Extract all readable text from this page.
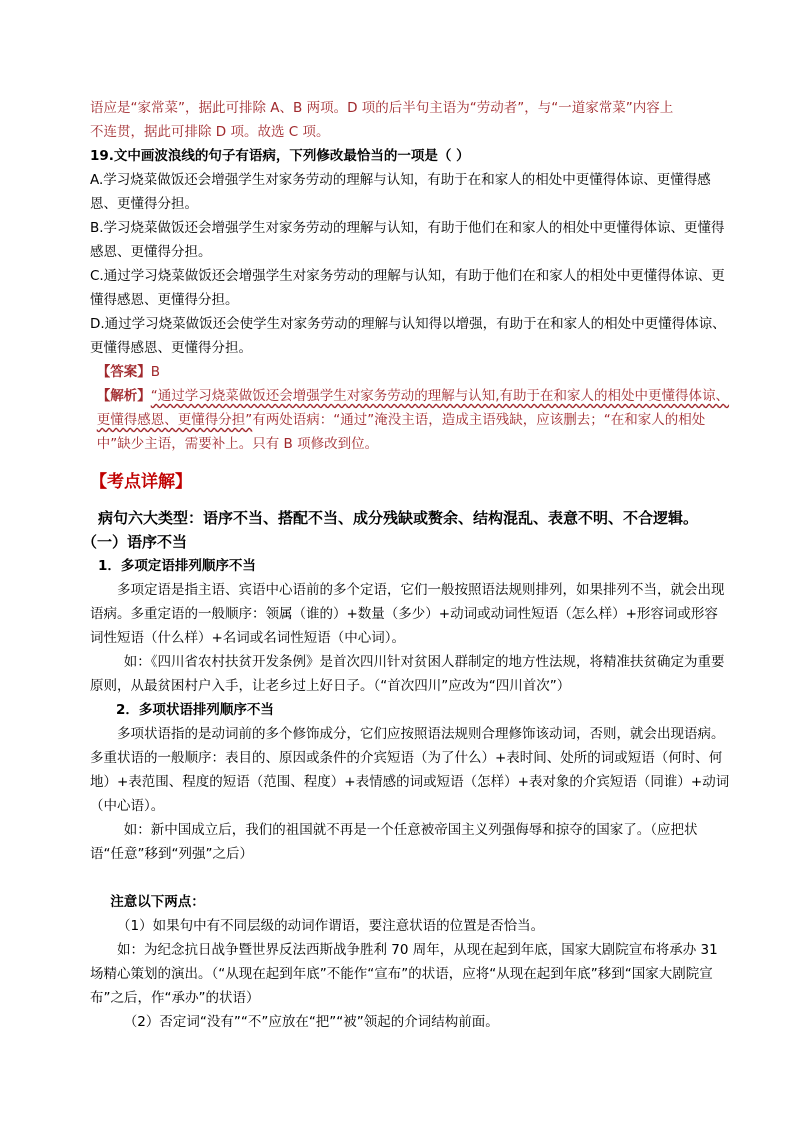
语应是“家常菜”，据此可排除 A、B 两项。D 项的后半句主语为“劳动者”，与“一道家常菜”内容上

不连贯，据此可排除 D 项。故选 C 项。

19.文中画波浪线的句子有语病，下列修改最恰当的一项是（ ）

A.学习烧菜做饭还会增强学生对家务劳动的理解与认知，有助于在和家人的相处中更懂得体谅、更懂得感恩、更懂得分担。

B.学习烧菜做饭还会增强学生对家务劳动的理解与认知，有助于他们在和家人的相处中更懂得体谅、更懂得感恩、更懂得分担。

C.通过学习烧菜做饭还会增强学生对家务劳动的理解与认知，有助于他们在和家人的相处中更懂得体谅、更懂得感恩、更懂得分担。

D.通过学习烧菜做饭还会使学生对家务劳动的理解与认知得以增强，有助于在和家人的相处中更懂得体谅、更懂得感恩、更懂得分担。

【答案】B

【解析】“通过学习烧菜做饭还会增强学生对家务劳动的理解与认知,有助于在和家人的相处中更懂得体谅、更懂得感恩、更懂得分担”有两处语病：“通过”淹没主语，造成主语残缺，应该删去；“在和家人的相处中”缺少主语，需要补上。只有 B 项修改到位。

【考点详解】
病句六大类型：语序不当、搭配不当、成分残缺或赘余、结构混乱、表意不明、不合逻辑。
（一）语序不当

1．多项定语排列顺序不当

多项定语是指主语、宾语中心语前的多个定语，它们一般按照语法规则排列，如果排列不当，就会出现语病。多重定语的一般顺序：领属（谁的）+数量（多少）+动词或动词性短语（怎么样）+形容词或形容词性短语（什么样）+名词或名词性短语（中心词）。

如：《四川省农村扶贫开发条例》是首次四川针对贫困人群制定的地方性法规，将精准扶贫确定为重要原则，从最贫困村户入手，让老乡过上好日子。（“首次四川”应改为“四川首次”）

2．多项状语排列顺序不当

多项状语指的是动词前的多个修饰成分，它们应按照语法规则合理修饰该动词，否则，就会出现语病。多重状语的一般顺序：表目的、原因或条件的介宾短语（为了什么）+表时间、处所的词或短语（何时、何地）+表范围、程度的短语（范围、程度）+表情感的词或短语（怎样）+表对象的介宾短语（同谁）+动词（中心语）。

如：新中国成立后，我们的祖国就不再是一个任意被帝国主义列强侮辱和掠夺的国家了。（应把状语“任意”移到“列强”之后）

注意以下两点：

（1）如果句中有不同层级的动词作谓语，要注意状语的位置是否恰当。

如：为纪念抗日战争暨世界反法西斯战争胜利 70 周年，从现在起到年底，国家大剧院宣布将承办 31 场精心策划的演出。（“从现在起到年底”不能作“宣布”的状语，应将“从现在起到年底”移到“国家大剧院宣布”之后，作“承办”的状语）

（2）否定词“没有”“不”应放在“把”“被”领起的介词结构前面。
